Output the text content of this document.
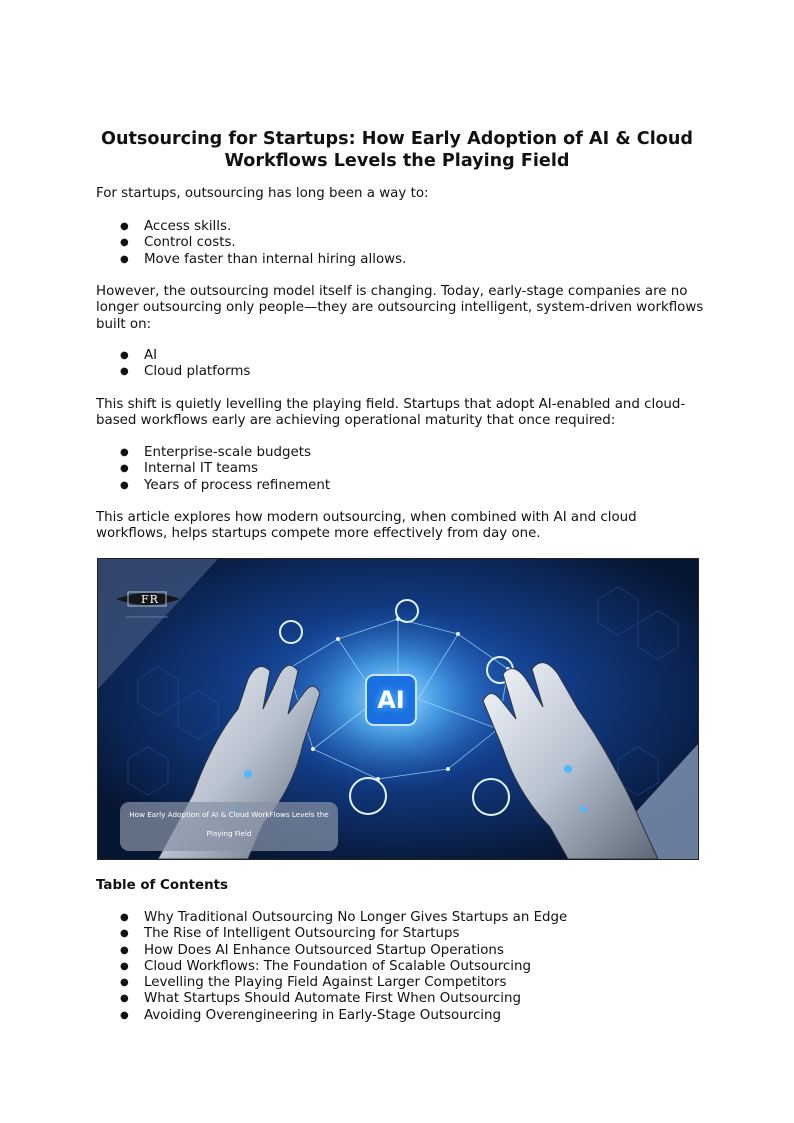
Outsourcing for Startups: How Early Adoption of AI & Cloud Workflows Levels the Playing Field

For startups, outsourcing has long been a way to:

● Access skills.
● Control costs.
● Move faster than internal hiring allows.

However, the outsourcing model itself is changing. Today, early-stage companies are no longer outsourcing only people—they are outsourcing intelligent, system-driven workflows built on:

● AI
● Cloud platforms

This shift is quietly levelling the playing field. Startups that adopt AI-enabled and cloud-based workflows early are achieving operational maturity that once required:

● Enterprise-scale budgets
● Internal IT teams
● Years of process refinement

This article explores how modern outsourcing, when combined with AI and cloud workflows, helps startups compete more effectively from day one.

FR
AI
How Early Adoption of AI & Cloud WorkFlows Levels the
Playing Field
Table of Contents
● Why Traditional Outsourcing No Longer Gives Startups an Edge
● The Rise of Intelligent Outsourcing for Startups
● How Does AI Enhance Outsourced Startup Operations
● Cloud Workflows: The Foundation of Scalable Outsourcing
● Levelling the Playing Field Against Larger Competitors
● What Startups Should Automate First When Outsourcing
● Avoiding Overengineering in Early-Stage Outsourcing
